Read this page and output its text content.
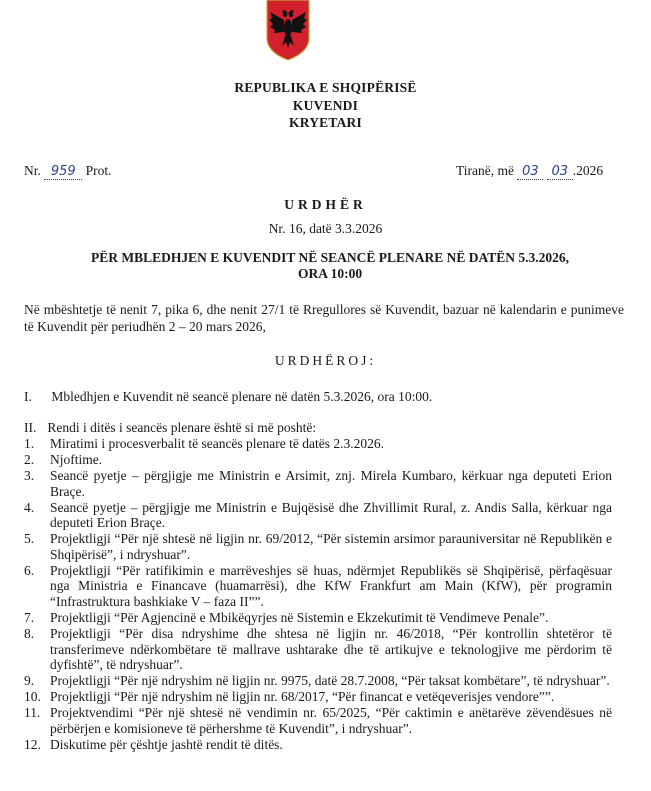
REPUBLIKA E SHQIPËRISË
KUVENDI
KRYETARI
Nr. 959 Prot.	Tiranë, më 03 03 .2026
URDHËR
Nr. 16, datë 3.3.2026
PËR MBLEDHJEN E KUVENDIT NË SEANCË PLENARE NË DATËN 5.3.2026,
ORA 10:00
Në mbështetje të nenit 7, pika 6, dhe nenit 27/1 të Rregullores së Kuvendit, bazuar në kalendarin e punimeve të Kuvendit për periudhën 2 – 20 mars 2026,
URDHËROJ:
I. Mbledhjen e Kuvendit në seancë plenare në datën 5.3.2026, ora 10:00.
II. Rendi i ditës i seancës plenare është si më poshtë:
1.	Miratimi i procesverbalit të seancës plenare të datës 2.3.2026.
2.	Njoftime.
3.	Seancë pyetje – përgjigje me Ministrin e Arsimit, znj. Mirela Kumbaro, kërkuar nga deputeti Erion Braçe.
4.	Seancë pyetje – përgjigje me Ministrin e Bujqësisë dhe Zhvillimit Rural, z. Andis Salla, kërkuar nga deputeti Erion Braçe.
5.	Projektligji “Për një shtesë në ligjin nr. 69/2012, “Për sistemin arsimor parauniversitar në Republikën e Shqipërisë”, i ndryshuar”.
6.	Projektligji “Për ratifikimin e marrëveshjes së huas, ndërmjet Republikës së Shqipërisë, përfaqësuar nga Ministria e Financave (huamarrësi), dhe KfW Frankfurt am Main (KfW), për programin “Infrastruktura bashkiake V – faza II””.
7.	Projektligji “Për Agjencinë e Mbikëqyrjes në Sistemin e Ekzekutimit të Vendimeve Penale”.
8.	Projektligji “Për disa ndryshime dhe shtesa në ligjin nr. 46/2018, “Për kontrollin shtetëror të transferimeve ndërkombëtare të mallrave ushtarake dhe të artikujve e teknologjive me përdorim të dyfishtë”, të ndryshuar”.
9.	Projektligji “Për një ndryshim në ligjin nr. 9975, datë 28.7.2008, “Për taksat kombëtare”, të ndryshuar”.
10. Projektligji “Për një ndryshim në ligjin nr. 68/2017, “Për financat e vetëqeverisjes vendore””.
11. Projektvendimi “Për një shtesë në vendimin nr. 65/2025, “Për caktimin e anëtarëve zëvendësues në përbërjen e komisioneve të përhershme të Kuvendit”, i ndryshuar”.
12. Diskutime për çështje jashtë rendit të ditës.
